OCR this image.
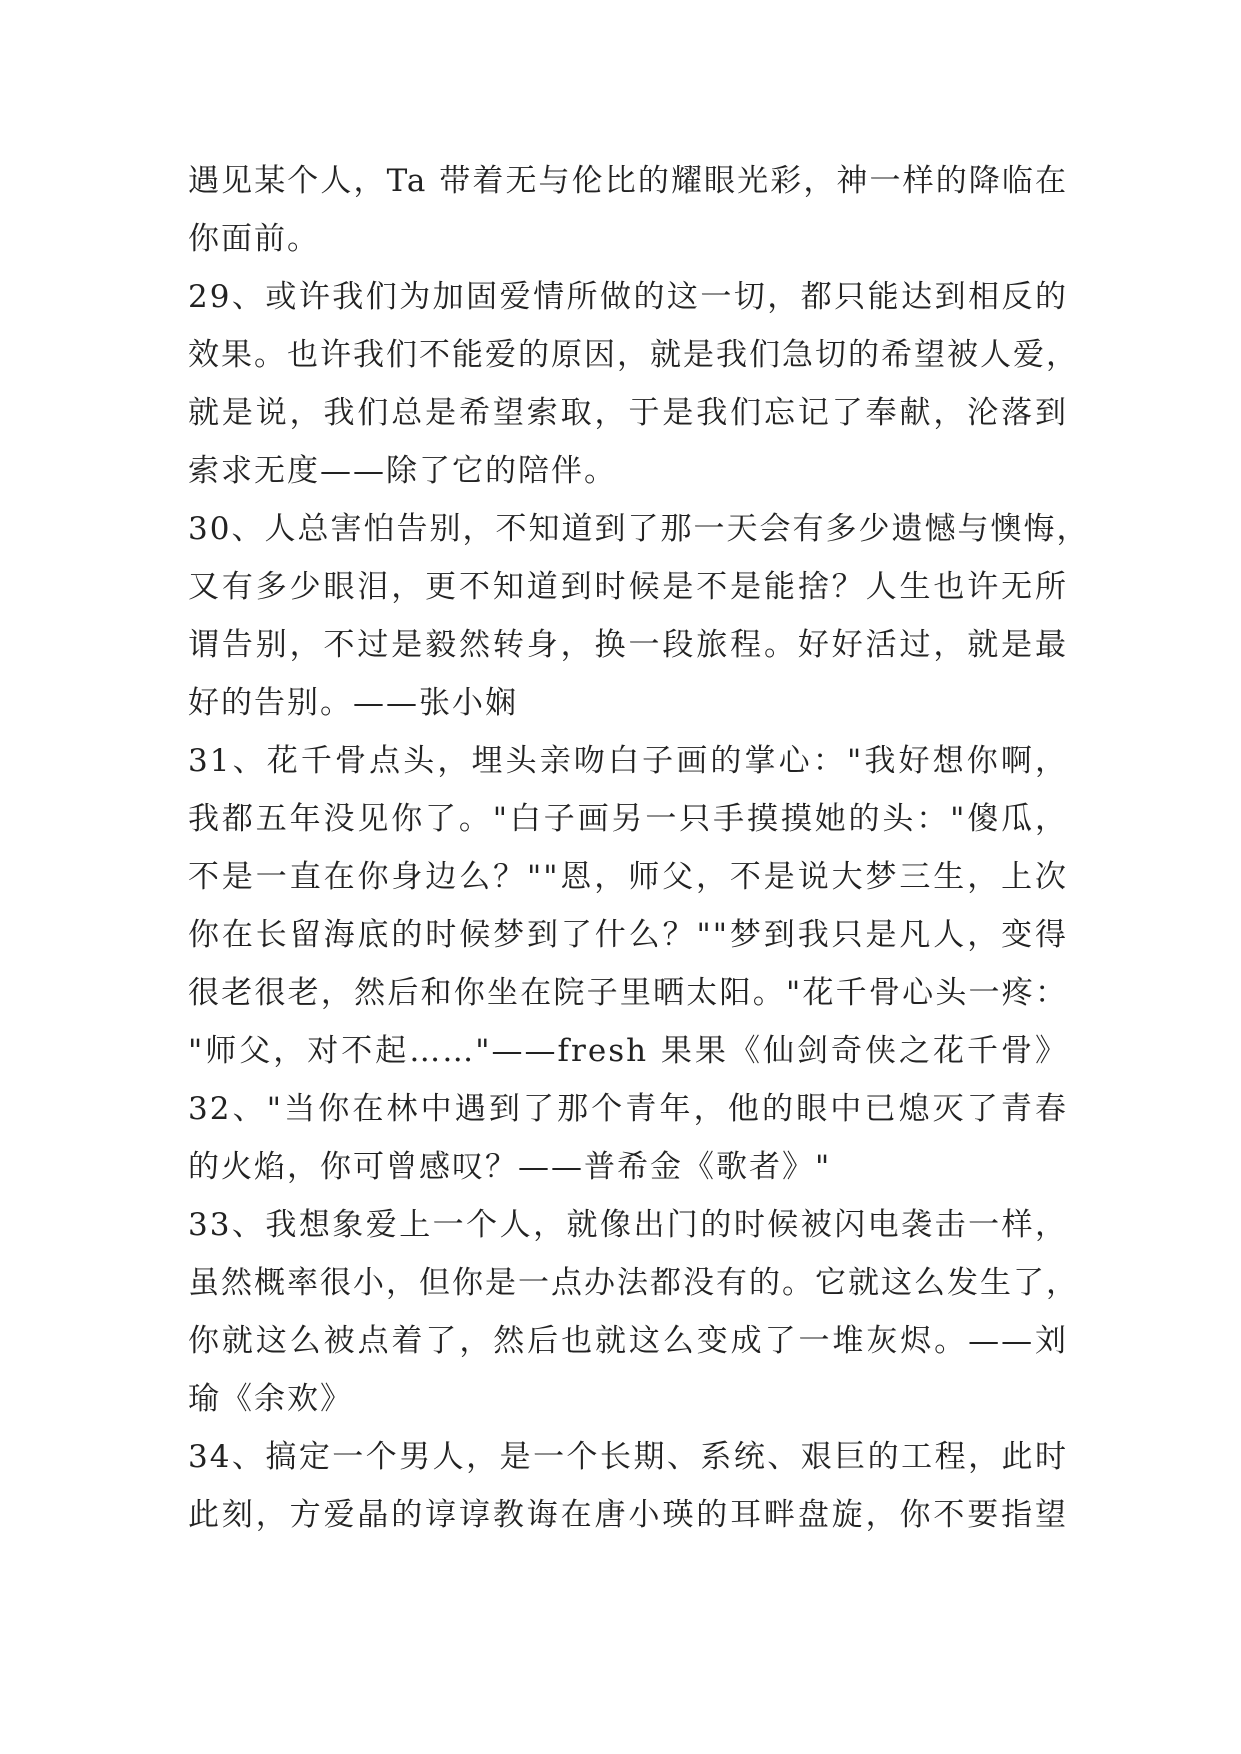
遇见某个人，Ta 带着无与伦比的耀眼光彩，神一样的降临在
你面前。
29、或许我们为加固爱情所做的这一切，都只能达到相反的
效果。也许我们不能爱的原因，就是我们急切的希望被人爱，
就是说，我们总是希望索取，于是我们忘记了奉献，沦落到
索求无度——除了它的陪伴。
30、人总害怕告别，不知道到了那一天会有多少遗憾与懊悔，
又有多少眼泪，更不知道到时候是不是能捨？人生也许无所
谓告别，不过是毅然转身，换一段旅程。好好活过，就是最
好的告别。——张小娴
31、花千骨点头，埋头亲吻白子画的掌心："我好想你啊，
我都五年没见你了。"白子画另一只手摸摸她的头："傻瓜，
不是一直在你身边么？""恩，师父，不是说大梦三生，上次
你在长留海底的时候梦到了什么？""梦到我只是凡人，变得
很老很老，然后和你坐在院子里晒太阳。"花千骨心头一疼：
"师父，对不起……"——fresh 果果《仙剑奇侠之花千骨》
32、"当你在林中遇到了那个青年，他的眼中已熄灭了青春
的火焰，你可曾感叹？——普希金《歌者》"
33、我想象爱上一个人，就像出门的时候被闪电袭击一样，
虽然概率很小，但你是一点办法都没有的。它就这么发生了，
你就这么被点着了，然后也就这么变成了一堆灰烬。——刘
瑜《余欢》
34、搞定一个男人，是一个长期、系统、艰巨的工程，此时
此刻，方爱晶的谆谆教诲在唐小瑛的耳畔盘旋，你不要指望
